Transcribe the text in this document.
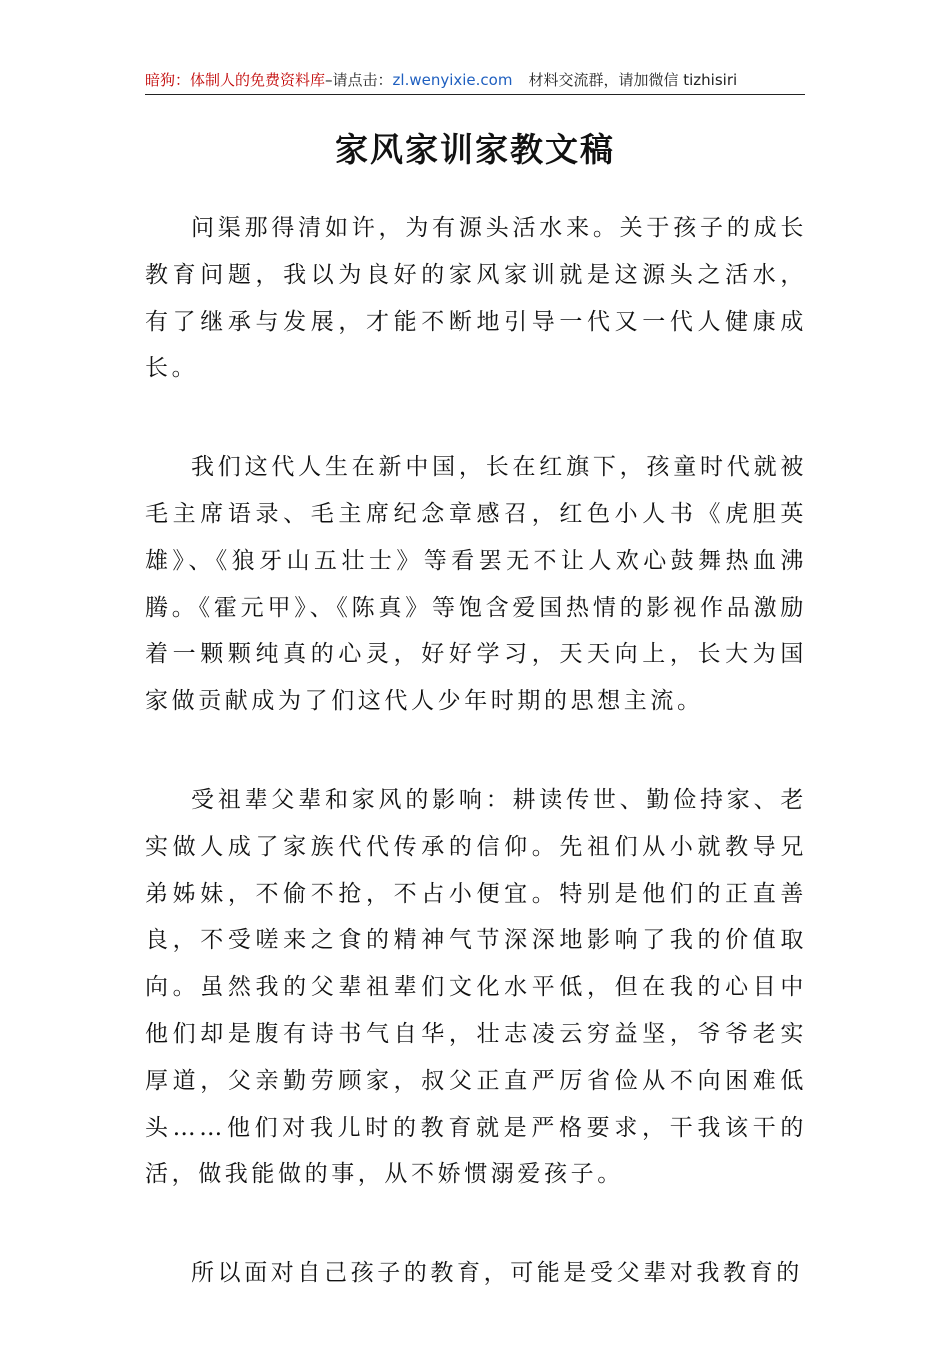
暗狗：体制人的免费资料库–请点击：zl.wenyixie.com 材料交流群，请加微信 tizhisiri
家风家训家教文稿

问渠那得清如许，为有源头活水来。关于孩子的成长教育问题，我以为良好的家风家训就是这源头之活水，有了继承与发展，才能不断地引导一代又一代人健康成长。

我们这代人生在新中国，长在红旗下，孩童时代就被毛主席语录、毛主席纪念章感召，红色小人书《虎胆英雄》、《狼牙山五壮士》等看罢无不让人欢心鼓舞热血沸腾。《霍元甲》、《陈真》等饱含爱国热情的影视作品激励着一颗颗纯真的心灵，好好学习，天天向上，长大为国家做贡献成为了们这代人少年时期的思想主流。

受祖辈父辈和家风的影响：耕读传世、勤俭持家、老实做人成了家族代代传承的信仰。先祖们从小就教导兄弟姊妹，不偷不抢，不占小便宜。特别是他们的正直善良，不受嗟来之食的精神气节深深地影响了我的价值取向。虽然我的父辈祖辈们文化水平低，但在我的心目中他们却是腹有诗书气自华，壮志凌云穷益坚，爷爷老实厚道，父亲勤劳顾家，叔父正直严厉省俭从不向困难低头……他们对我儿时的教育就是严格要求，干我该干的活，做我能做的事，从不娇惯溺爱孩子。

所以面对自己孩子的教育，可能是受父辈对我教育的
